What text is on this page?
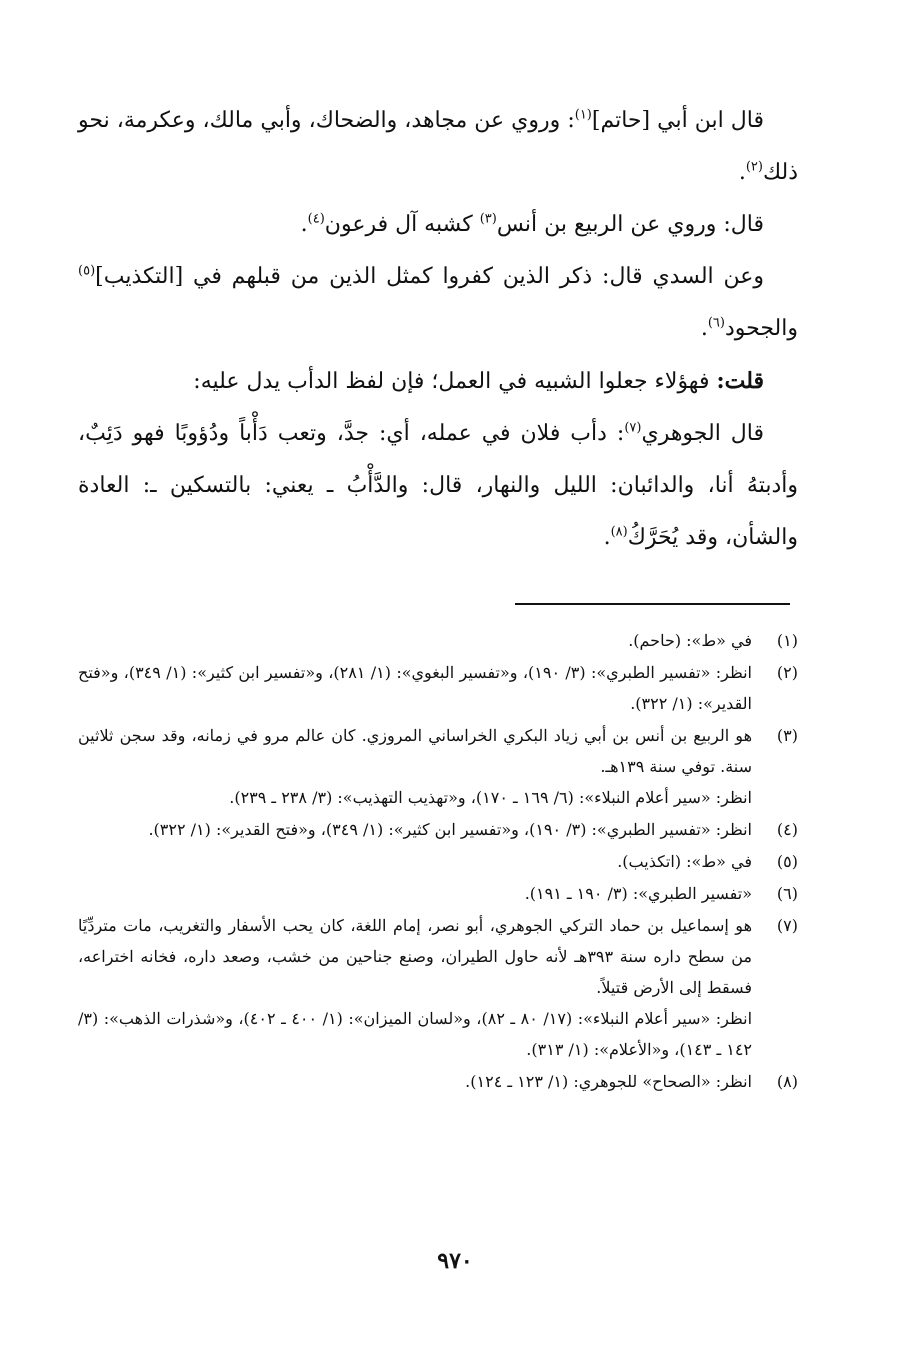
قال ابن أبي [حاتم]$^{(١)}$: وروي عن مجاهد، والضحاك، وأبي مالك، وعكرمة، نحو ذلك$^{(٢)}$.

قال: وروي عن الربيع بن أنس$^{(٣)}$ كشبه آل فرعون$^{(٤)}$.

وعن السدي قال: ذكر الذين كفروا كمثل الذين من قبلهم في [التكذيب]$^{(٥)}$ والجحود$^{(٦)}$.

قلت: فهؤلاء جعلوا الشبيه في العمل؛ فإن لفظ الدأب يدل عليه:

قال الجوهري$^{(٧)}$: دأب فلان في عمله، أي: جدَّ، وتعب دَأْباً ودُؤوبًا فهو دَئِبٌ، وأدبتهُ أنا، والدائبان: الليل والنهار، قال: والدَّأْبُ ـ يعني: بالتسكين ـ: العادة والشأن، وقد يُحَرَّكُ$^{(٨)}$.

(١)
في «ط»: (حاحم).
(٢)
انظر: «تفسير الطبري»: (٣/ ١٩٠)، و«تفسير البغوي»: (١/ ٢٨١)، و«تفسير ابن كثير»: (١/ ٣٤٩)، و«فتح القدير»: (١/ ٣٢٢).
(٣)
هو الربيع بن أنس بن أبي زياد البكري الخراساني المروزي. كان عالم مرو في زمانه، وقد سجن ثلاثين سنة. توفي سنة ١٣٩هـ.
انظر: «سير أعلام النبلاء»: (٦/ ١٦٩ ـ ١٧٠)، و«تهذيب التهذيب»: (٣/ ٢٣٨ ـ ٢٣٩).
(٤)
انظر: «تفسير الطبري»: (٣/ ١٩٠)، و«تفسير ابن كثير»: (١/ ٣٤٩)، و«فتح القدير»: (١/ ٣٢٢).
(٥)
في «ط»: (اتكذيب).
(٦)
«تفسير الطبري»: (٣/ ١٩٠ ـ ١٩١).
(٧)
هو إسماعيل بن حماد التركي الجوهري، أبو نصر، إمام اللغة، كان يحب الأسفار والتغريب، مات متردِّيًا من سطح داره سنة ٣٩٣هـ لأنه حاول الطيران، وصنع جناحين من خشب، وصعد داره، فخانه اختراعه، فسقط إلى الأرض قتيلاً.
انظر: «سير أعلام النبلاء»: (١٧/ ٨٠ ـ ٨٢)، و«لسان الميزان»: (١/ ٤٠٠ ـ ٤٠٢)، و«شذرات الذهب»: (٣/ ١٤٢ ـ ١٤٣)، و«الأعلام»: (١/ ٣١٣).
(٨)
انظر: «الصحاح» للجوهري: (١/ ١٢٣ ـ ١٢٤).
٩٧٠
